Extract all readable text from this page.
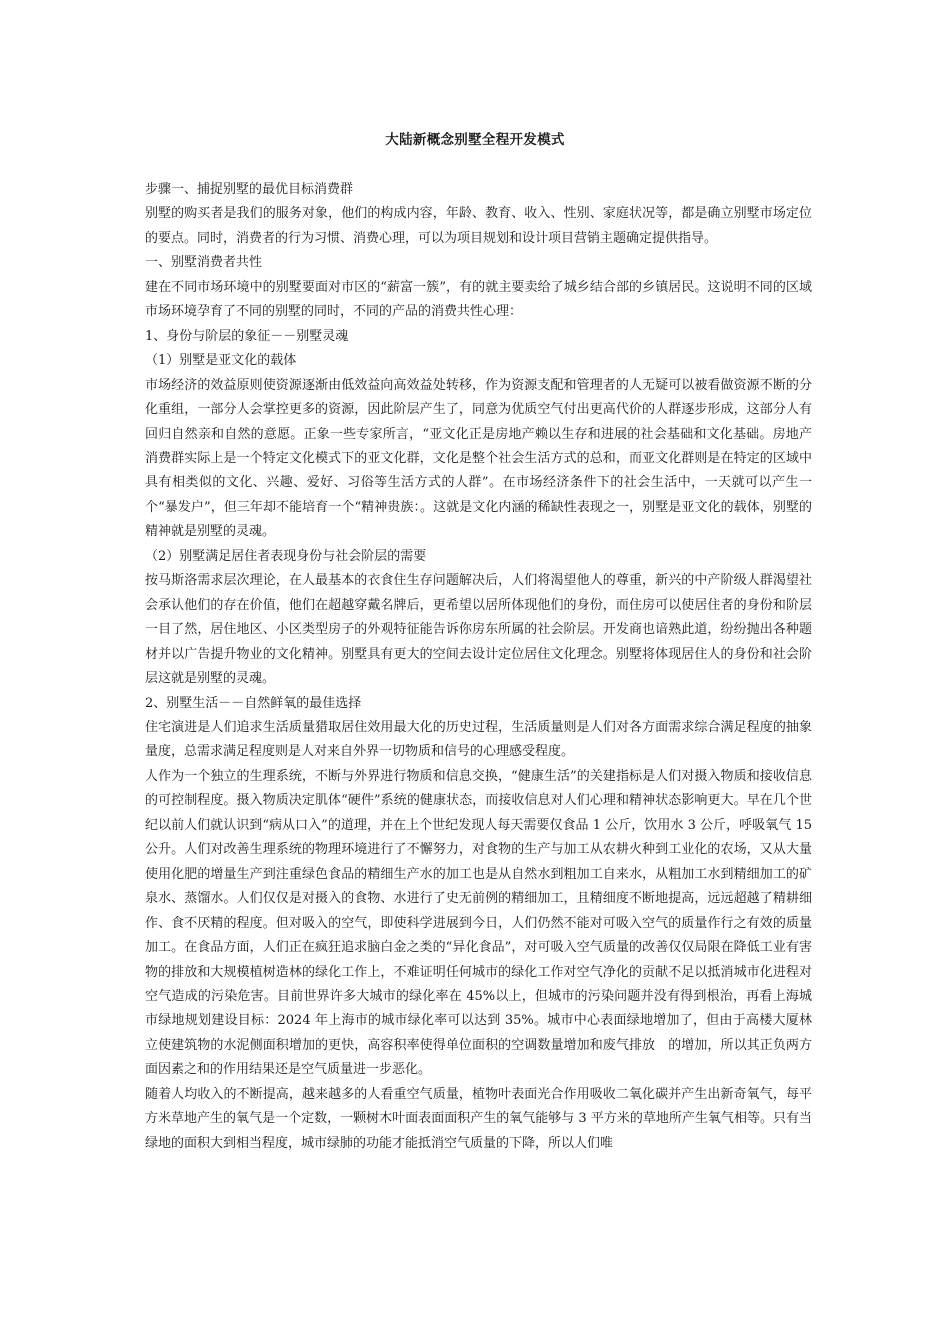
大陆新概念别墅全程开发模式

步骤一、捕捉别墅的最优目标消费群

别墅的购买者是我们的服务对象，他们的构成内容，年龄、教育、收入、性别、家庭状况等，都是确立别墅市场定位的要点。同时，消费者的行为习惯、消费心理，可以为项目规划和设计项目营销主题确定提供指导。

一、别墅消费者共性

建在不同市场环境中的别墅要面对市区的“薪富一簇”，有的就主要卖给了城乡结合部的乡镇居民。这说明不同的区域市场环境孕育了不同的别墅的同时，不同的产品的消费共性心理：

1、身份与阶层的象征－－别墅灵魂

（1）别墅是亚文化的载体

市场经济的效益原则使资源逐渐由低效益向高效益处转移，作为资源支配和管理者的人无疑可以被看做资源不断的分化重组，一部分人会掌控更多的资源，因此阶层产生了，同意为优质空气付出更高代价的人群逐步形成，这部分人有回归自然亲和自然的意愿。正象一些专家所言，“亚文化正是房地产赖以生存和进展的社会基础和文化基础。房地产消费群实际上是一个特定文化模式下的亚文化群，文化是整个社会生活方式的总和，而亚文化群则是在特定的区域中具有相类似的文化、兴趣、爱好、习俗等生活方式的人群”。在市场经济条件下的社会生活中，一天就可以产生一个“暴发户”，但三年却不能培育一个“精神贵族：。这就是文化内涵的稀缺性表现之一，别墅是亚文化的载体，别墅的精神就是别墅的灵魂。

（2）别墅满足居住者表现身份与社会阶层的需要

按马斯洛需求层次理论，在人最基本的衣食住生存问题解决后，人们将渴望他人的尊重，新兴的中产阶级人群渴望社会承认他们的存在价值，他们在超越穿戴名牌后，更希望以居所体现他们的身份，而住房可以使居住者的身份和阶层一目了然，居住地区、小区类型房子的外观特征能告诉你房东所属的社会阶层。开发商也谙熟此道，纷纷抛出各种题材并以广告提升物业的文化精神。别墅具有更大的空间去设计定位居住文化理念。别墅将体现居住人的身份和社会阶层这就是别墅的灵魂。

2、别墅生活－－自然鲜氧的最佳选择

住宅演进是人们追求生活质量猎取居住效用最大化的历史过程，生活质量则是人们对各方面需求综合满足程度的抽象量度，总需求满足程度则是人对来自外界一切物质和信号的心理感受程度。

人作为一个独立的生理系统，不断与外界进行物质和信息交换，“健康生活”的关建指标是人们对摄入物质和接收信息的可控制程度。摄入物质决定肌体“硬件”系统的健康状态，而接收信息对人们心理和精神状态影响更大。早在几个世纪以前人们就认识到“病从口入”的道理，并在上个世纪发现人每天需要仅食品 1 公斤，饮用水 3 公斤，呼吸氧气 15 公升。人们对改善生理系统的物理环境进行了不懈努力，对食物的生产与加工从农耕火种到工业化的农场，又从大量使用化肥的增量生产到注重绿色食品的精细生产水的加工也是从自然水到粗加工自来水，从粗加工水到精细加工的矿泉水、蒸馏水。人们仅仅是对摄入的食物、水进行了史无前例的精细加工，且精细度不断地提高，远远超越了精耕细作、食不厌精的程度。但对吸入的空气，即使科学进展到今日，人们仍然不能对可吸入空气的质量作行之有效的质量加工。在食品方面，人们正在疯狂追求脑白金之类的“异化食品”，对可吸入空气质量的改善仅仅局限在降低工业有害物的排放和大规模植树造林的绿化工作上，不难证明任何城市的绿化工作对空气净化的贡献不足以抵消城市化进程对空气造成的污染危害。目前世界许多大城市的绿化率在 45%以上，但城市的污染问题并没有得到根治，再看上海城市绿地规划建设目标：2024 年上海市的城市绿化率可以达到 35%。城市中心表面绿地增加了，但由于高楼大厦林立使建筑物的水泥侧面积增加的更快，高容积率使得单位面积的空调数量增加和废气排放　的增加，所以其正负两方面因素之和的作用结果还是空气质量进一步恶化。

随着人均收入的不断提高，越来越多的人看重空气质量，植物叶表面光合作用吸收二氧化碳并产生出新奇氧气，每平方米草地产生的氧气是一个定数，一颗树木叶面表面面积产生的氧气能够与 3 平方米的草地所产生氧气相等。只有当绿地的面积大到相当程度，城市绿肺的功能才能抵消空气质量的下降，所以人们唯
